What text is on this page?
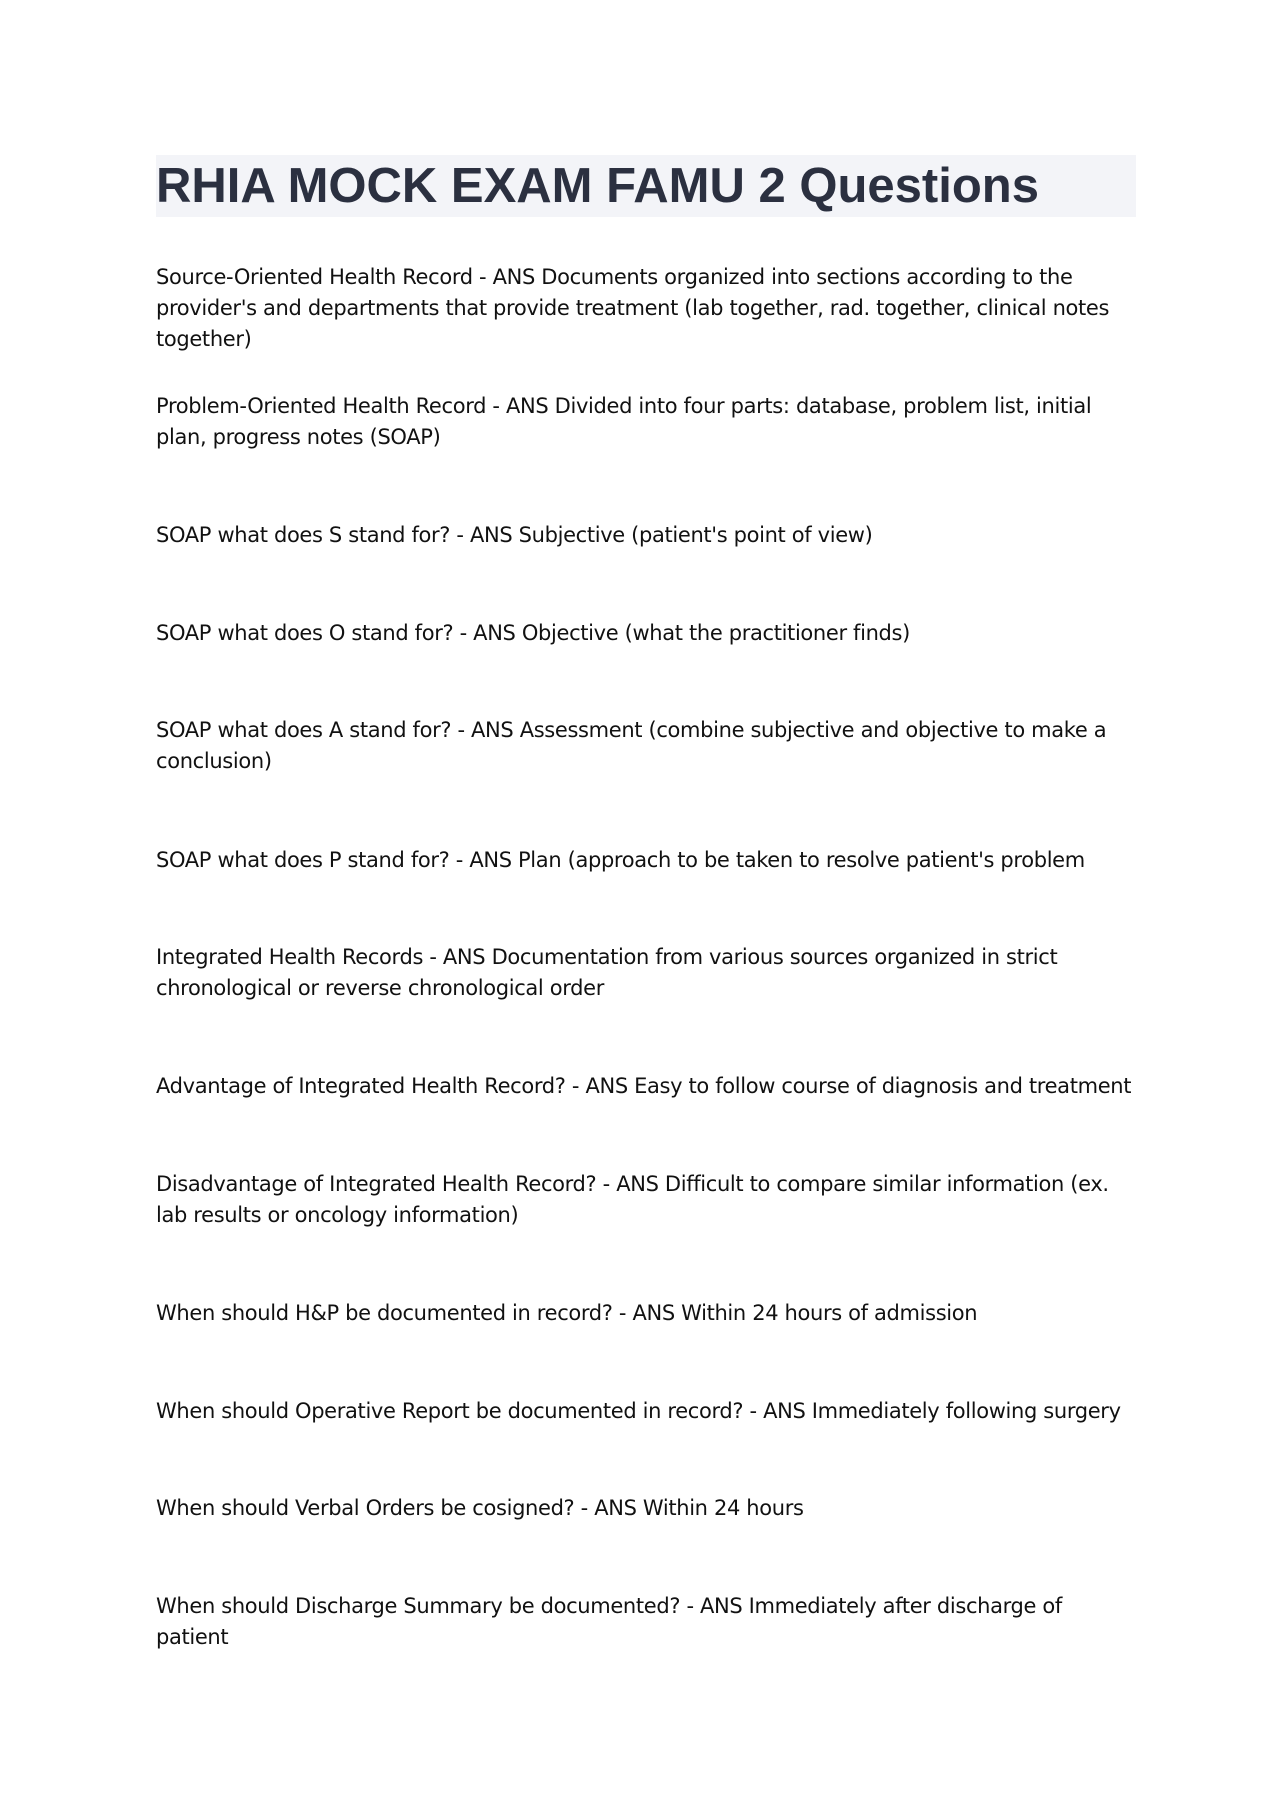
RHIA MOCK EXAM FAMU 2 Questions
Source-Oriented Health Record - ANS Documents organized into sections according to the provider's and departments that provide treatment (lab together, rad. together, clinical notes together)
Problem-Oriented Health Record - ANS Divided into four parts: database, problem list, initial plan, progress notes (SOAP)
SOAP what does S stand for? - ANS Subjective (patient's point of view)
SOAP what does O stand for? - ANS Objective (what the practitioner finds)
SOAP what does A stand for? - ANS Assessment (combine subjective and objective to make a conclusion)
SOAP what does P stand for? - ANS Plan (approach to be taken to resolve patient's problem
Integrated Health Records - ANS Documentation from various sources organized in strict chronological or reverse chronological order
Advantage of Integrated Health Record? - ANS Easy to follow course of diagnosis and treatment
Disadvantage of Integrated Health Record? - ANS Difficult to compare similar information (ex. lab results or oncology information)
When should H&P be documented in record? - ANS Within 24 hours of admission
When should Operative Report be documented in record? - ANS Immediately following surgery
When should Verbal Orders be cosigned? - ANS Within 24 hours
When should Discharge Summary be documented? - ANS Immediately after discharge of patient
